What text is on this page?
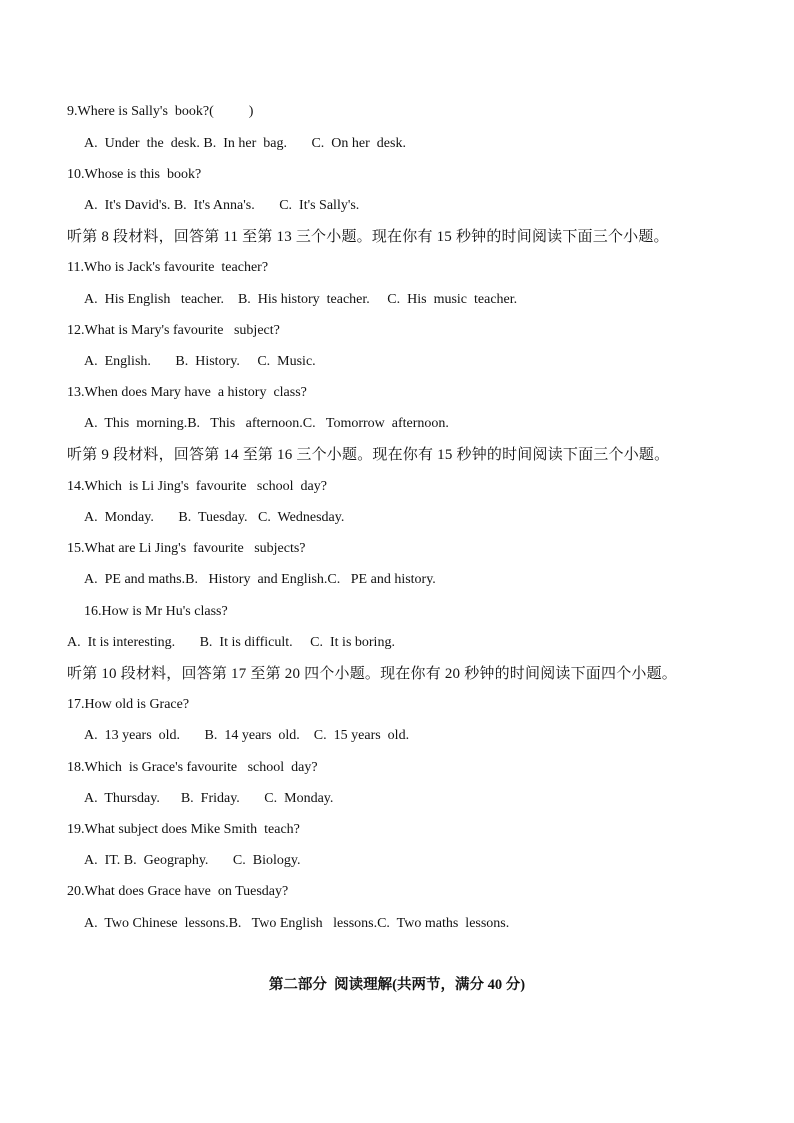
9.Where is Sally's  book?(          )
A.  Under  the  desk. B.  In her  bag.       C.  On her  desk.
10.Whose is this  book?
A.  It's David's. B.  It's Anna's.       C.  It's Sally's.
听第 8 段材料，回答第 11 至第 13 三个小题。现在你有 15 秒钟的时间阅读下面三个小题。
11.Who is Jack's favourite  teacher?
A.  His English   teacher.    B.  His history  teacher.     C.  His  music  teacher.
12.What is Mary's favourite   subject?
A.  English.       B.  History.     C.  Music.
13.When does Mary have  a history  class?
A.  This  morning.B.   This   afternoon.C.   Tomorrow  afternoon.
听第 9 段材料，回答第 14 至第 16 三个小题。现在你有 15 秒钟的时间阅读下面三个小题。
14.Which  is Li Jing's  favourite   school  day?
A.  Monday.       B.  Tuesday.   C.  Wednesday.
15.What are Li Jing's  favourite   subjects?
A.  PE and maths.B.   History  and English.C.   PE and history.
16.How is Mr Hu's class?
A.  It is interesting.       B.  It is difficult.     C.  It is boring.
听第 10 段材料，回答第 17 至第 20 四个小题。现在你有 20 秒钟的时间阅读下面四个小题。
17.How old is Grace?
A.  13 years  old.       B.  14 years  old.    C.  15 years  old.
18.Which  is Grace's favourite   school  day?
A.  Thursday.      B.  Friday.       C.  Monday.
19.What subject does Mike Smith  teach?
A.  IT. B.  Geography.       C.  Biology.
20.What does Grace have  on Tuesday?
A.  Two Chinese  lessons.B.   Two English   lessons.C.  Two maths  lessons.
第二部分  阅读理解(共两节，满分 40 分)
